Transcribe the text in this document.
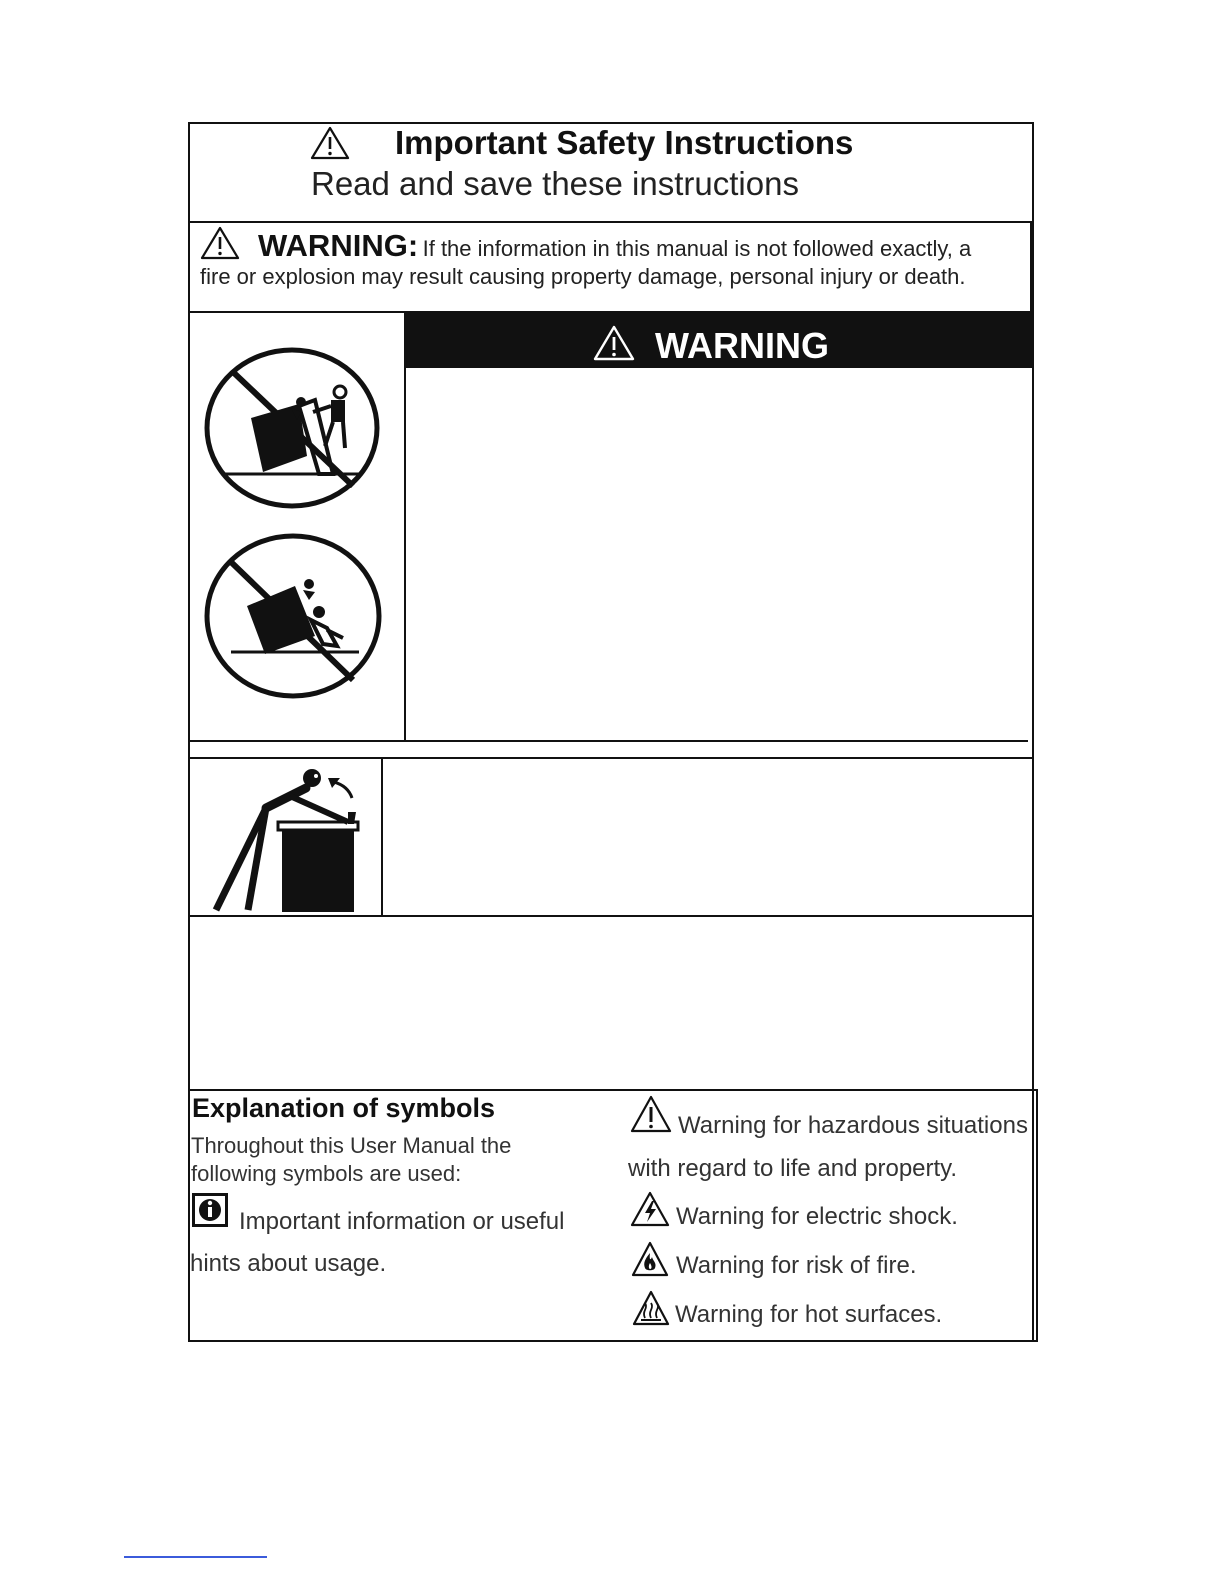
Important Safety Instructions
Read and save these instructions
WARNING: If the information in this manual is not followed exactly, a
fire or explosion may result causing property damage, personal injury or death.
WARNING
Explanation of symbols
Throughout this User Manual the following symbols are used:
Important information or useful
hints about usage.
Warning for hazardous situations
with regard to life and property.
Warning for electric shock.
Warning for risk of fire.
Warning for hot surfaces.
